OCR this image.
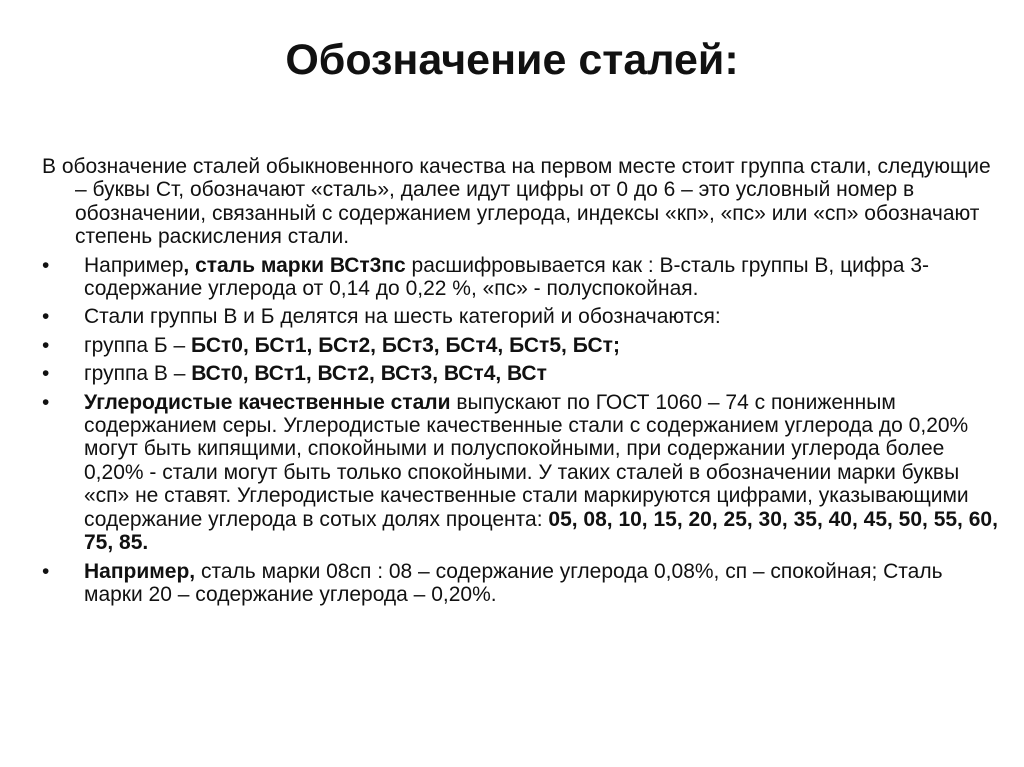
Обозначение сталей:

В обозначение сталей обыкновенного качества на первом месте стоит группа стали, следующие – буквы Ст, обозначают «сталь», далее идут цифры от 0 до 6 – это условный номер в обозначении, связанный с содержанием углерода, индексы «кп», «пс» или «сп» обозначают степень раскисления стали.

•	Например, сталь марки ВСт3пс расшифровывается как : В-сталь группы В, цифра 3-содержание углерода от 0,14 до 0,22 %, «пс» - полуспокойная.
•	Стали группы В и Б делятся на шесть категорий и обозначаются:
•	группа Б – БСт0, БСт1, БСт2, БСт3, БСт4, БСт5, БСт;
•	группа В – ВСт0, ВСт1, ВСт2, ВСт3, ВСт4, ВСт
•	Углеродистые качественные стали выпускают по ГОСТ 1060 – 74 с пониженным содержанием серы. Углеродистые качественные стали с содержанием углерода до 0,20% могут быть кипящими, спокойными и полуспокойными, при содержании углерода более 0,20% - стали могут быть только спокойными. У таких сталей в обозначении марки буквы «сп» не ставят. Углеродистые качественные стали маркируются цифрами, указывающими содержание углерода в сотых долях процента: 05, 08, 10, 15, 20, 25, 30, 35, 40, 45, 50, 55, 60, 75, 85.
•	Например, сталь марки 08сп : 08 – содержание углерода 0,08%, сп – спокойная; Сталь марки 20 – содержание углерода – 0,20%.
